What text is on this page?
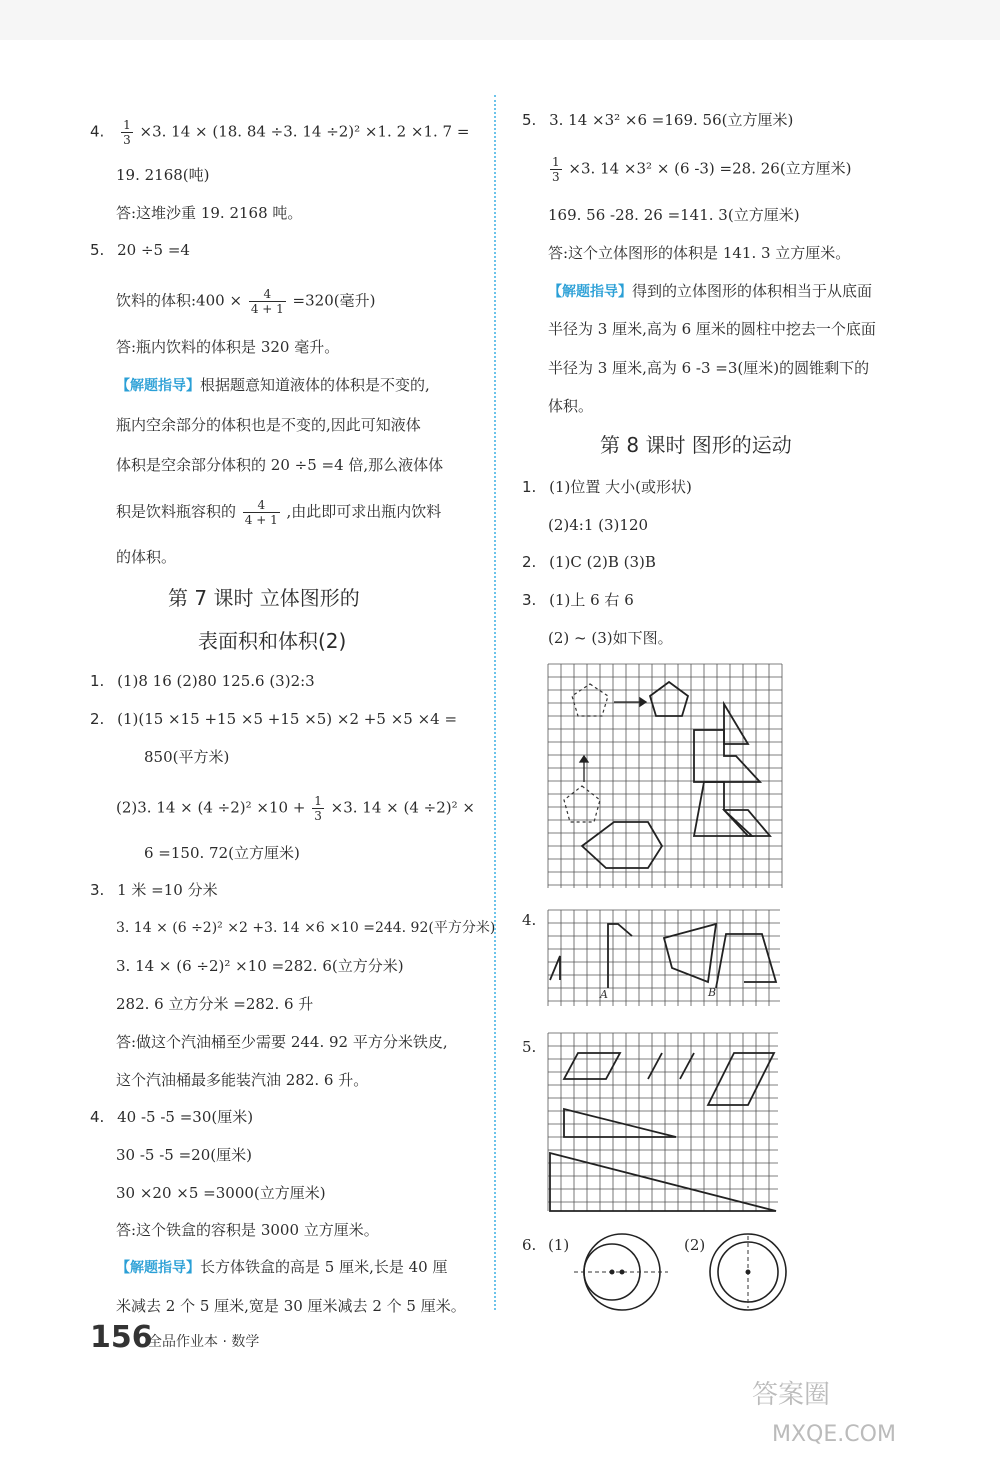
4. $\frac{1}{3} \times 3$. 14 × (18. 84 ÷3. 14 ÷2)² ×1. 2 ×1. 7 =
19. 2168(吨)
答:这堆沙重 19. 2168 吨。
5. 20 ÷5 =4
饮料的体积:400 × $\frac{4}{4 + 1} =320$(毫升)
答:瓶内饮料的体积是 320 毫升。
【解题指导】根据题意知道液体的体积是不变的,
瓶内空余部分的体积也是不变的,因此可知液体
体积是空余部分体积的 20 ÷5 =4 倍,那么液体体
积是饮料瓶容积的 $\frac{4}{4 + 1}$ ,由此即可求出瓶内饮料
的体积。
第 7 课时 立体图形的
表面积和体积(2)
1. (1)8 16 (2)80 125.6 (3)2:3
2. (1)(15 ×15 +15 ×5 +15 ×5) ×2 +5 ×5 ×4 =
850(平方米)
(2)3. $14 \times (4 \div 2)^2 \times 10 + \frac{1}{3} \times 3$. 14 × (4 ÷2)² ×
6 =150. 72(立方厘米)
3. 1 米 =10 分米
3. 14 × (6 ÷2)² ×2 +3. 14 ×6 ×10 =244. 92(平方分米)
3. 14 × (6 ÷2)² ×10 =282. 6(立方分米)
282. 6 立方分米 =282. 6 升
答:做这个汽油桶至少需要 244. 92 平方分米铁皮,
这个汽油桶最多能装汽油 282. 6 升。
4. 40 -5 -5 =30(厘米)
30 -5 -5 =20(厘米)
30 ×20 ×5 =3000(立方厘米)
答:这个铁盒的容积是 3000 立方厘米。
【解题指导】长方体铁盒的高是 5 厘米,长是 40 厘
米减去 2 个 5 厘米,宽是 30 厘米减去 2 个 5 厘米。
5. 3. 14 ×3² ×6 =169. 56(立方厘米)
$\frac{1}{3} \times 3$. 14 ×3² × (6 -3) =28. 26(立方厘米)
169. 56 -28. 26 =141. 3(立方厘米)
答:这个立体图形的体积是 141. 3 立方厘米。
【解题指导】得到的立体图形的体积相当于从底面
半径为 3 厘米,高为 6 厘米的圆柱中挖去一个底面
半径为 3 厘米,高为 6 -3 =3(厘米)的圆锥剩下的
体积。
第 8 课时 图形的运动
1. (1)位置 大小(或形状)
(2)4:1 (3)120
2. (1)C (2)B (3)B
3. (1)上 6 右 6
(2) ~ (3)如下图。
4.
A	B
5.
6. (1)	(2)
156
全品作业本 · 数学
答案圈
MXQE.COM
